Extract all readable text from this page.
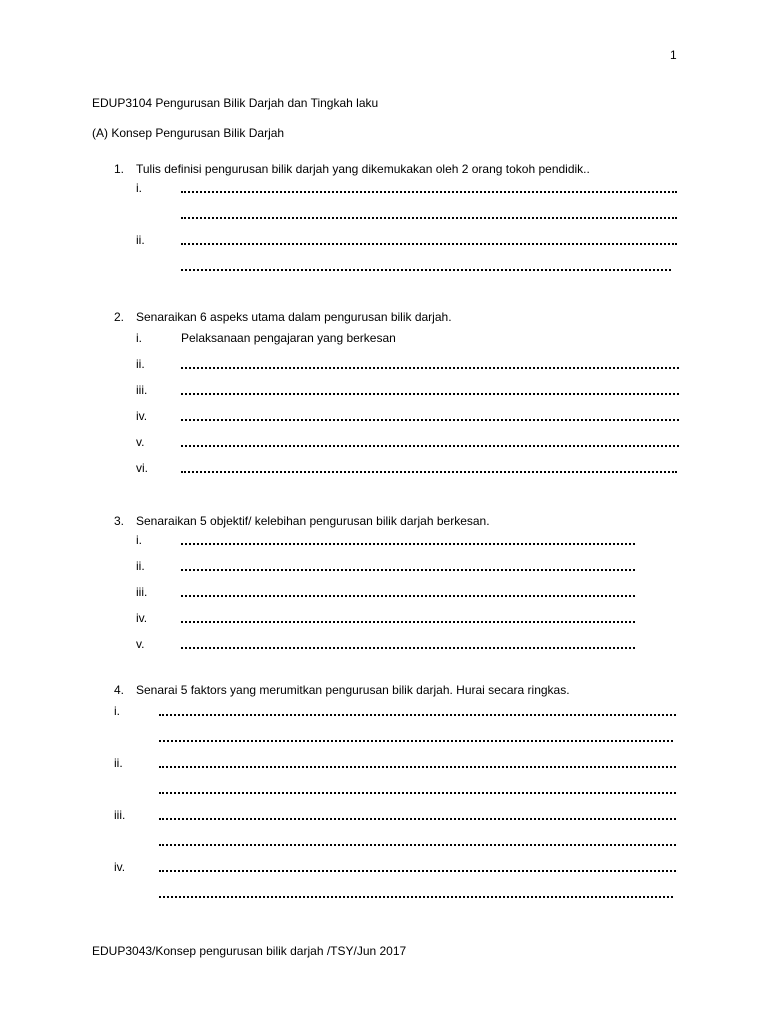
1
EDUP3104 Pengurusan Bilik Darjah dan Tingkah laku
(A) Konsep Pengurusan Bilik Darjah
1. Tulis definisi pengurusan bilik darjah yang dikemukakan oleh 2 orang tokoh pendidik..
i.
ii.
2. Senaraikan 6 aspeks utama dalam pengurusan bilik darjah.
i.	Pelaksanaan pengajaran yang berkesan
ii.
iii.
iv.
v.
vi.
3. Senaraikan 5 objektif/ kelebihan pengurusan bilik darjah berkesan.
i.
ii.
iii.
iv.
v.
4. Senarai 5 faktors yang merumitkan pengurusan bilik darjah. Hurai secara ringkas.
i.
ii.
iii.
iv.
EDUP3043/Konsep pengurusan bilik darjah /TSY/Jun 2017
